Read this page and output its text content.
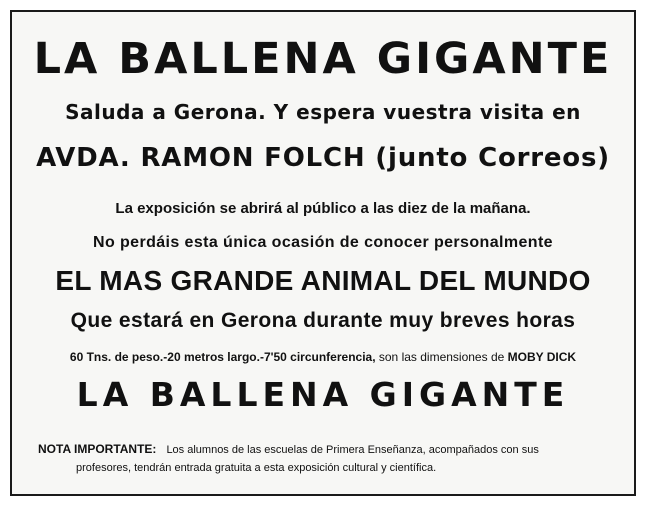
LA BALLENA GIGANTE
Saluda a Gerona. Y espera vuestra visita en
AVDA. RAMON FOLCH (junto Correos)
La exposición se abrirá al público a las diez de la mañana.
No perdáis esta única ocasión de conocer personalmente
EL MAS GRANDE ANIMAL DEL MUNDO
Que estará en Gerona durante muy breves horas
60 Tns. de peso.-20 metros largo.-7'50 circunferencia, son las dimensiones de MOBY DICK
LA BALLENA GIGANTE
NOTA IMPORTANTE: Los alumnos de las escuelas de Primera Enseñanza, acompañados con sus
profesores, tendrán entrada gratuita a esta exposición cultural y científica.
